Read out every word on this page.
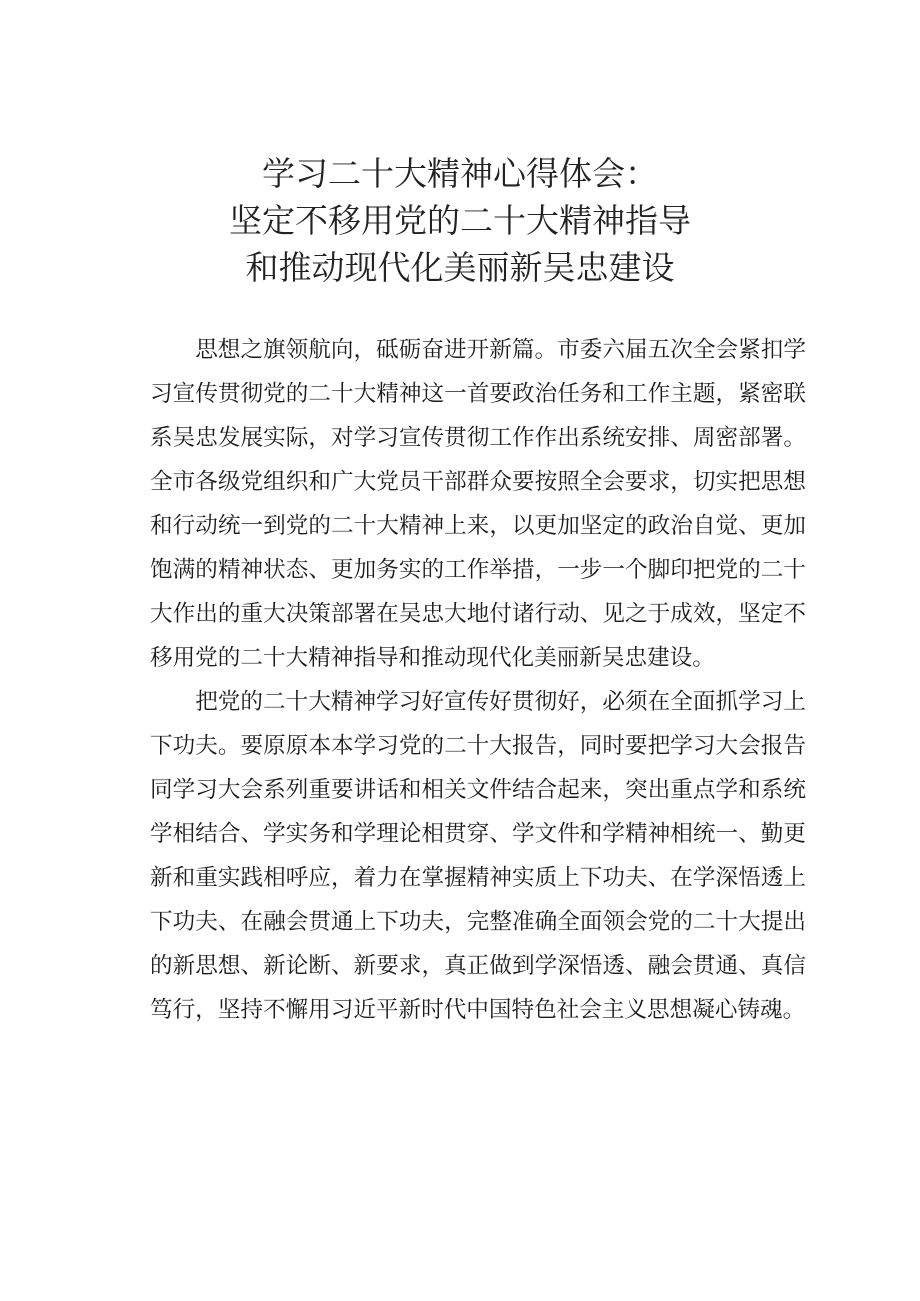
学习二十大精神心得体会：
坚定不移用党的二十大精神指导
和推动现代化美丽新吴忠建设

思想之旗领航向，砥砺奋进开新篇。市委六届五次全会紧扣学习宣传贯彻党的二十大精神这一首要政治任务和工作主题，紧密联系吴忠发展实际，对学习宣传贯彻工作作出系统安排、周密部署。全市各级党组织和广大党员干部群众要按照全会要求，切实把思想和行动统一到党的二十大精神上来，以更加坚定的政治自觉、更加饱满的精神状态、更加务实的工作举措，一步一个脚印把党的二十大作出的重大决策部署在吴忠大地付诸行动、见之于成效，坚定不移用党的二十大精神指导和推动现代化美丽新吴忠建设。

把党的二十大精神学习好宣传好贯彻好，必须在全面抓学习上下功夫。要原原本本学习党的二十大报告，同时要把学习大会报告同学习大会系列重要讲话和相关文件结合起来，突出重点学和系统学相结合、学实务和学理论相贯穿、学文件和学精神相统一、勤更新和重实践相呼应，着力在掌握精神实质上下功夫、在学深悟透上下功夫、在融会贯通上下功夫，完整准确全面领会党的二十大提出的新思想、新论断、新要求，真正做到学深悟透、融会贯通、真信笃行，坚持不懈用习近平新时代中国特色社会主义思想凝心铸魂。
